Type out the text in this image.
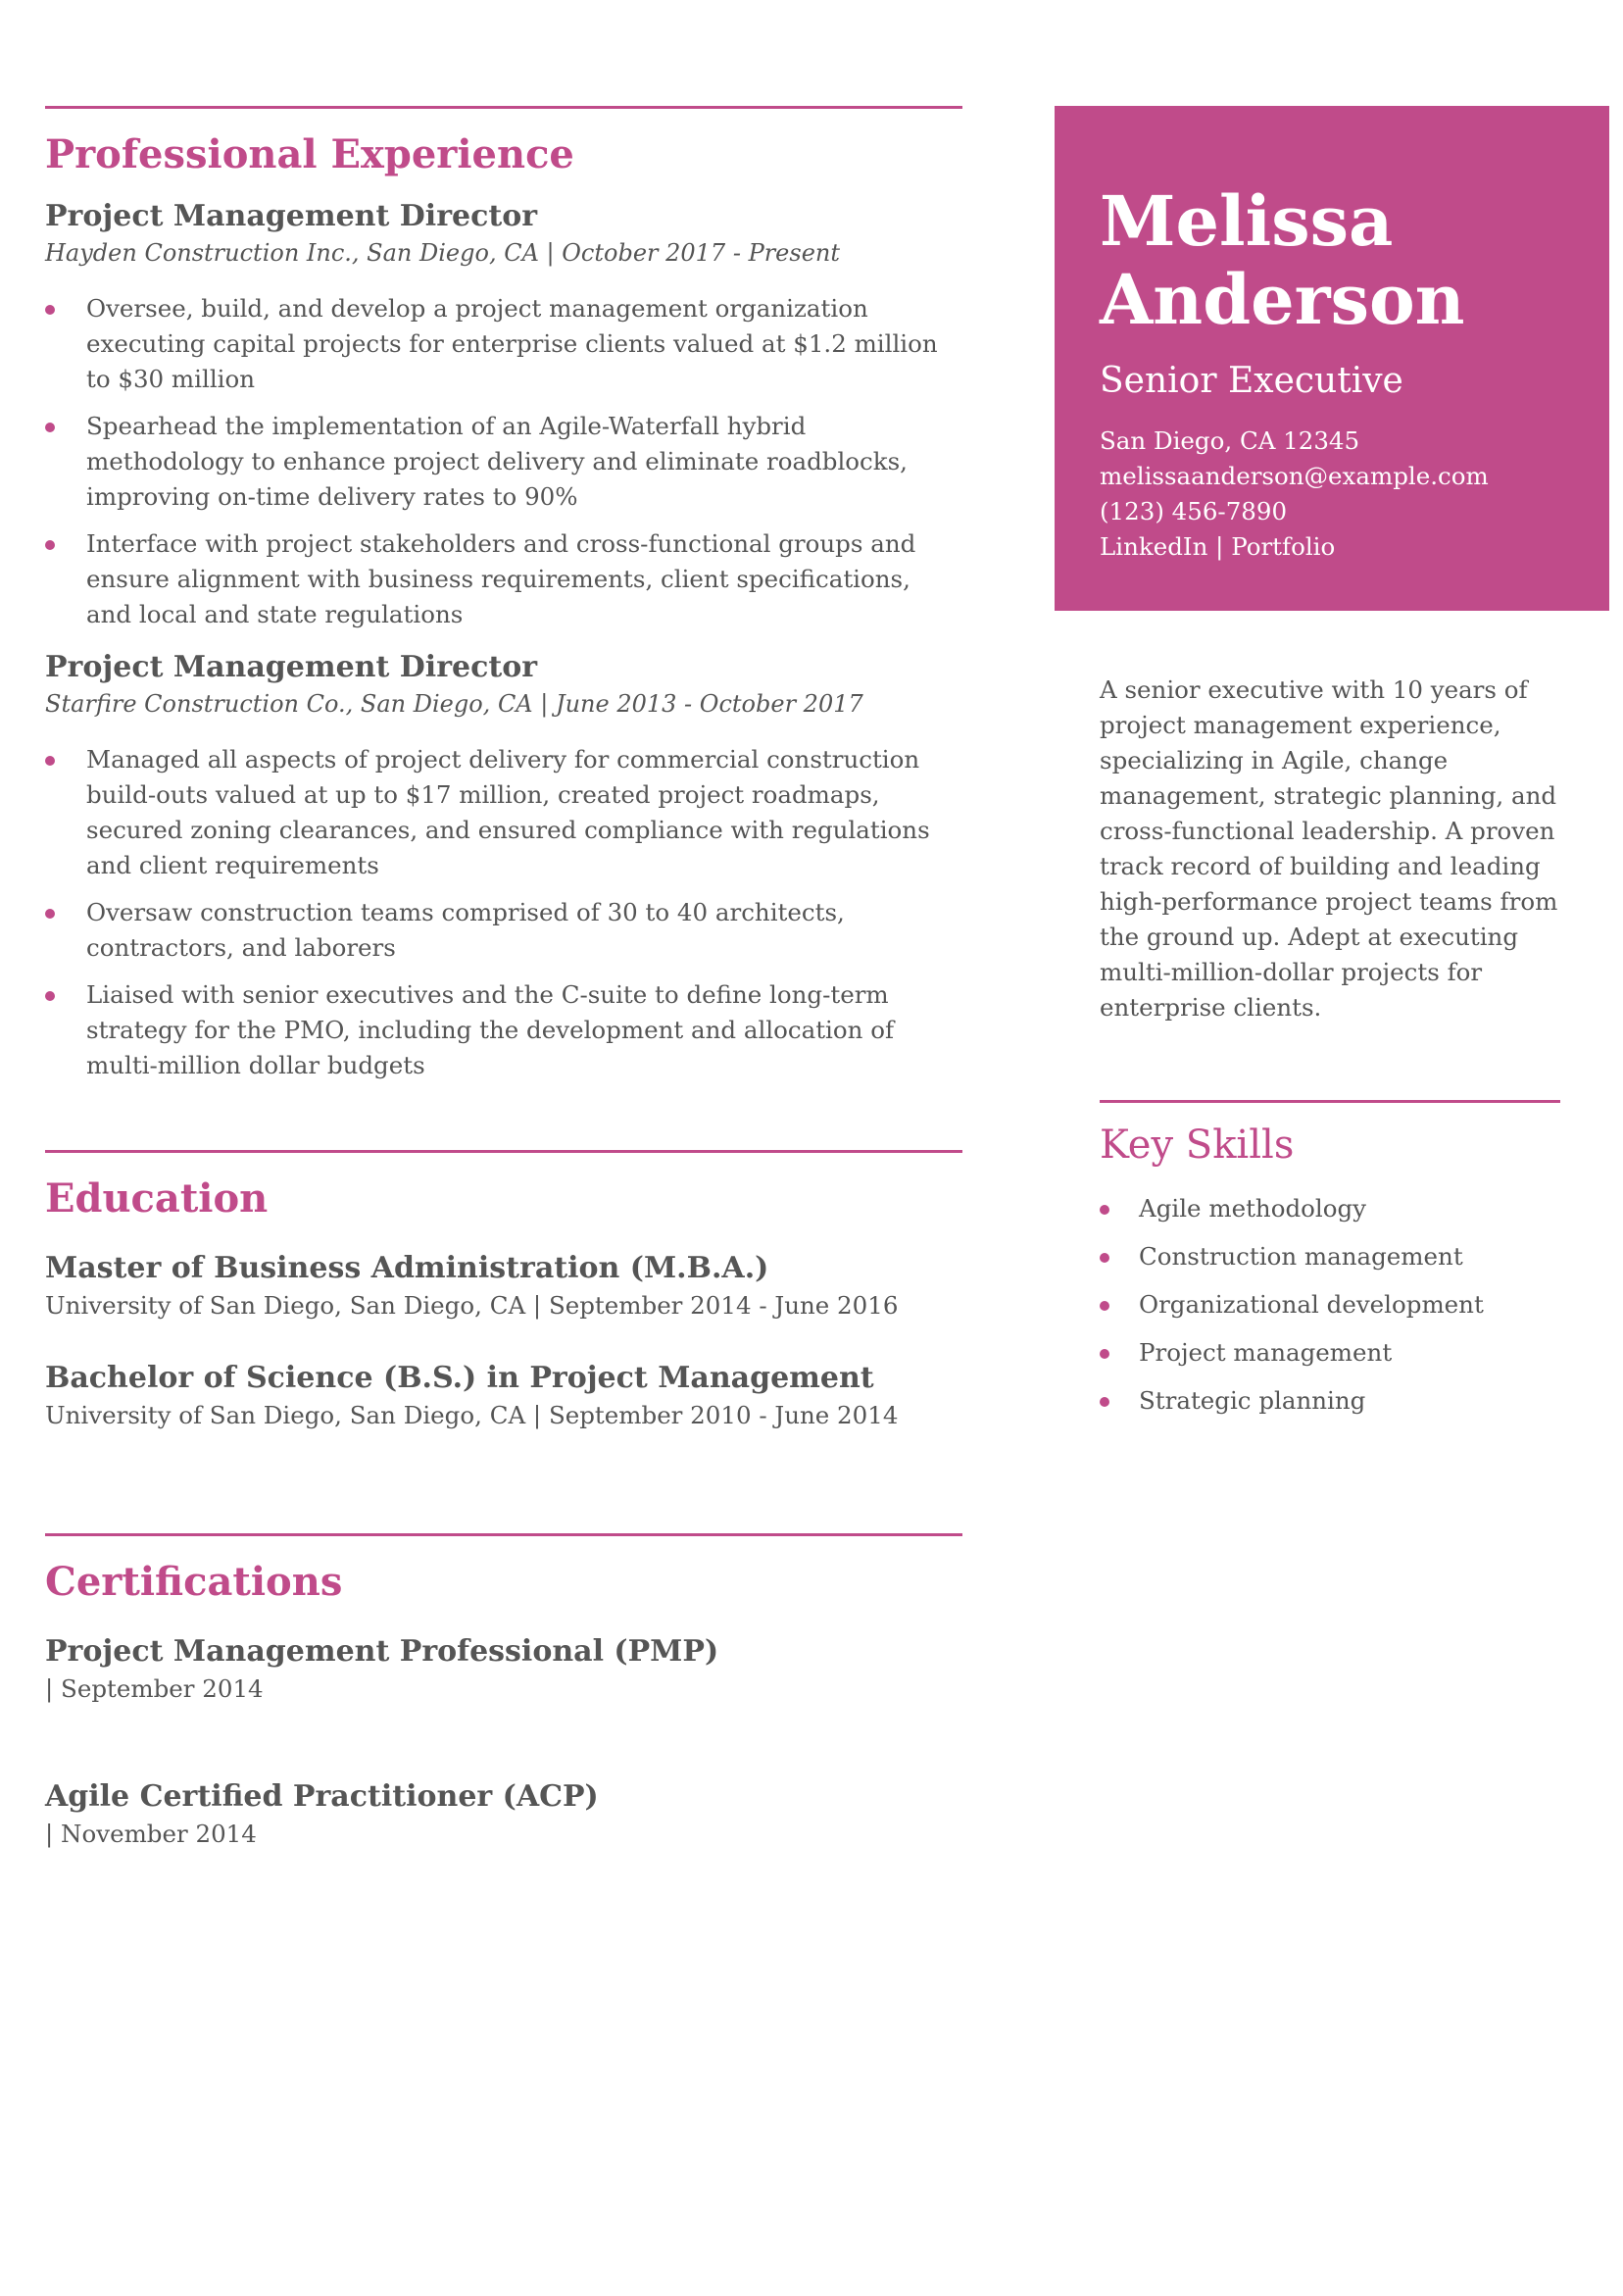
Professional Experience
Project Management Director
Hayden Construction Inc., San Diego, CA | October 2017 - Present
Oversee, build, and develop a project management organization executing capital projects for enterprise clients valued at $1.2 million to $30 million
Spearhead the implementation of an Agile-Waterfall hybrid methodology to enhance project delivery and eliminate roadblocks, improving on-time delivery rates to 90%
Interface with project stakeholders and cross-functional groups and ensure alignment with business requirements, client specifications, and local and state regulations
Project Management Director
Starfire Construction Co., San Diego, CA | June 2013 - October 2017
Managed all aspects of project delivery for commercial construction build-outs valued at up to $17 million, created project roadmaps, secured zoning clearances, and ensured compliance with regulations and client requirements
Oversaw construction teams comprised of 30 to 40 architects, contractors, and laborers
Liaised with senior executives and the C-suite to define long-term strategy for the PMO, including the development and allocation of multi-million dollar budgets
Education
Master of Business Administration (M.B.A.)
University of San Diego, San Diego, CA | September 2014 - June 2016
Bachelor of Science (B.S.) in Project Management
University of San Diego, San Diego, CA | September 2010 - June 2014
Certifications
Project Management Professional (PMP)
| September 2014
Agile Certified Practitioner (ACP)
| November 2014
Melissa
Anderson
Senior Executive
San Diego, CA 12345
melissaanderson@example.com
(123) 456-7890
LinkedIn | Portfolio
A senior executive with 10 years of project management experience, specializing in Agile, change management, strategic planning, and cross-functional leadership. A proven track record of building and leading high-performance project teams from the ground up. Adept at executing multi-million-dollar projects for enterprise clients.
Key Skills
Agile methodology
Construction management
Organizational development
Project management
Strategic planning
